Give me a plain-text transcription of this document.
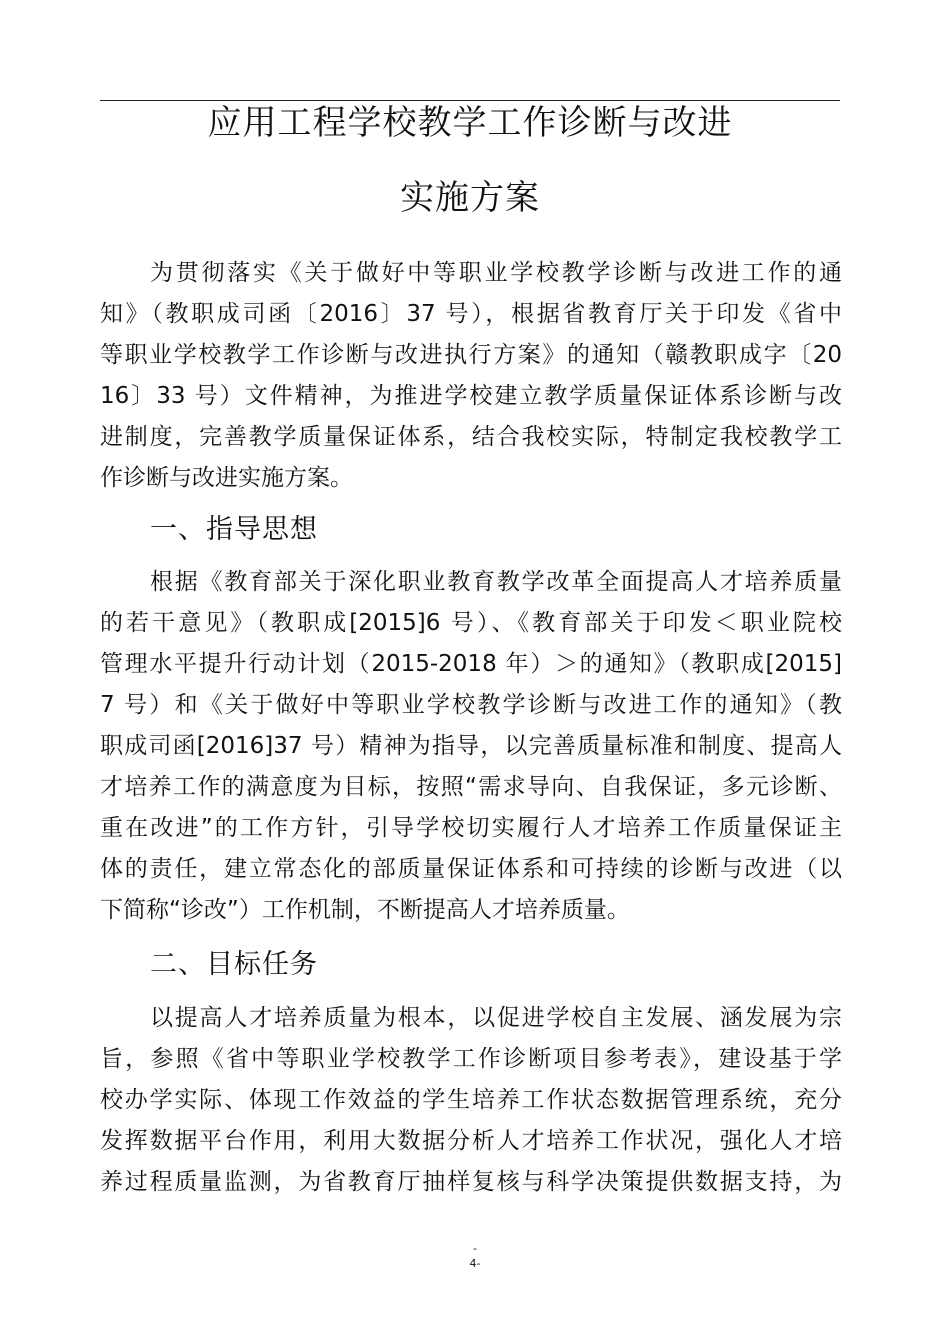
应用工程学校教学工作诊断与改进
实施方案
为贯彻落实《关于做好中等职业学校教学诊断与改进工作的通
知》（教职成司函〔2016〕37 号），根据省教育厅关于印发《省中
等职业学校教学工作诊断与改进执行方案》的通知（赣教职成字〔20
16〕33 号）文件精神，为推进学校建立教学质量保证体系诊断与改
进制度，完善教学质量保证体系，结合我校实际，特制定我校教学工
作诊断与改进实施方案。
一、指导思想
根据《教育部关于深化职业教育教学改革全面提高人才培养质量
的若干意见》（教职成[2015]6 号）、《教育部关于印发＜职业院校
管理水平提升行动计划（2015-2018 年）＞的通知》（教职成[2015]
7 号）和《关于做好中等职业学校教学诊断与改进工作的通知》（教
职成司函[2016]37 号）精神为指导，以完善质量标准和制度、提高人
才培养工作的满意度为目标，按照“需求导向、自我保证，多元诊断、
重在改进”的工作方针，引导学校切实履行人才培养工作质量保证主
体的责任，建立常态化的部质量保证体系和可持续的诊断与改进（以
下简称“诊改”）工作机制，不断提高人才培养质量。
二、目标任务
以提高人才培养质量为根本，以促进学校自主发展、涵发展为宗
旨，参照《省中等职业学校教学工作诊断项目参考表》，建设基于学
校办学实际、体现工作效益的学生培养工作状态数据管理系统，充分
发挥数据平台作用，利用大数据分析人才培养工作状况，强化人才培
养过程质量监测，为省教育厅抽样复核与科学决策提供数据支持，为
-
4-
